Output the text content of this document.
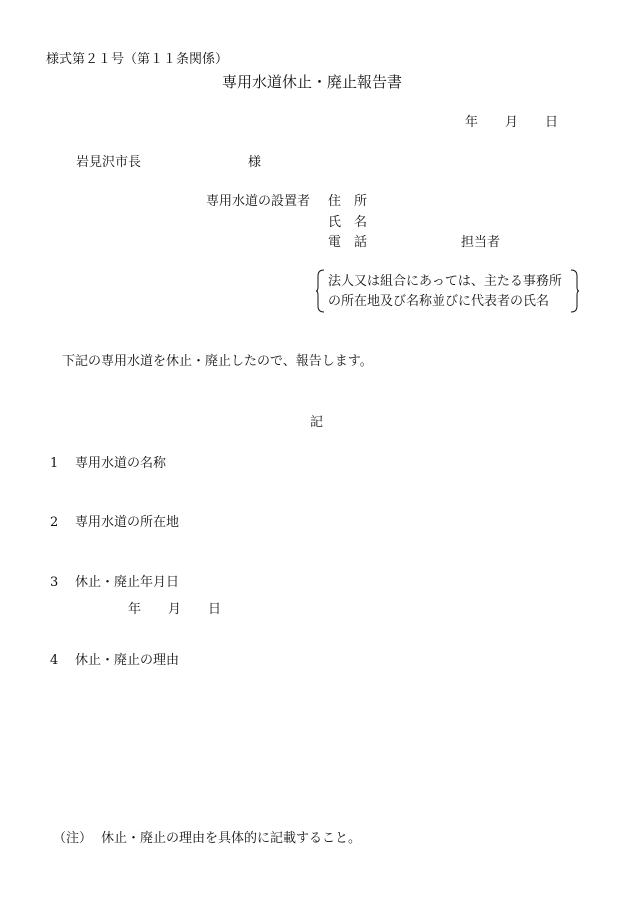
様式第２１号（第１１条関係）
専用水道休止・廃止報告書
年 月 日
岩見沢市長	様
専用水道の設置者 住　所
氏　名
電　話	担当者
法人又は組合にあっては、主たる事務所
の所在地及び名称並びに代表者の氏名
下記の専用水道を休止・廃止したので、報告します。
記
1 専用水道の名称
2 専用水道の所在地
3 休止・廃止年月日
年 月 日
4 休止・廃止の理由
（注） 休止・廃止の理由を具体的に記載すること。
